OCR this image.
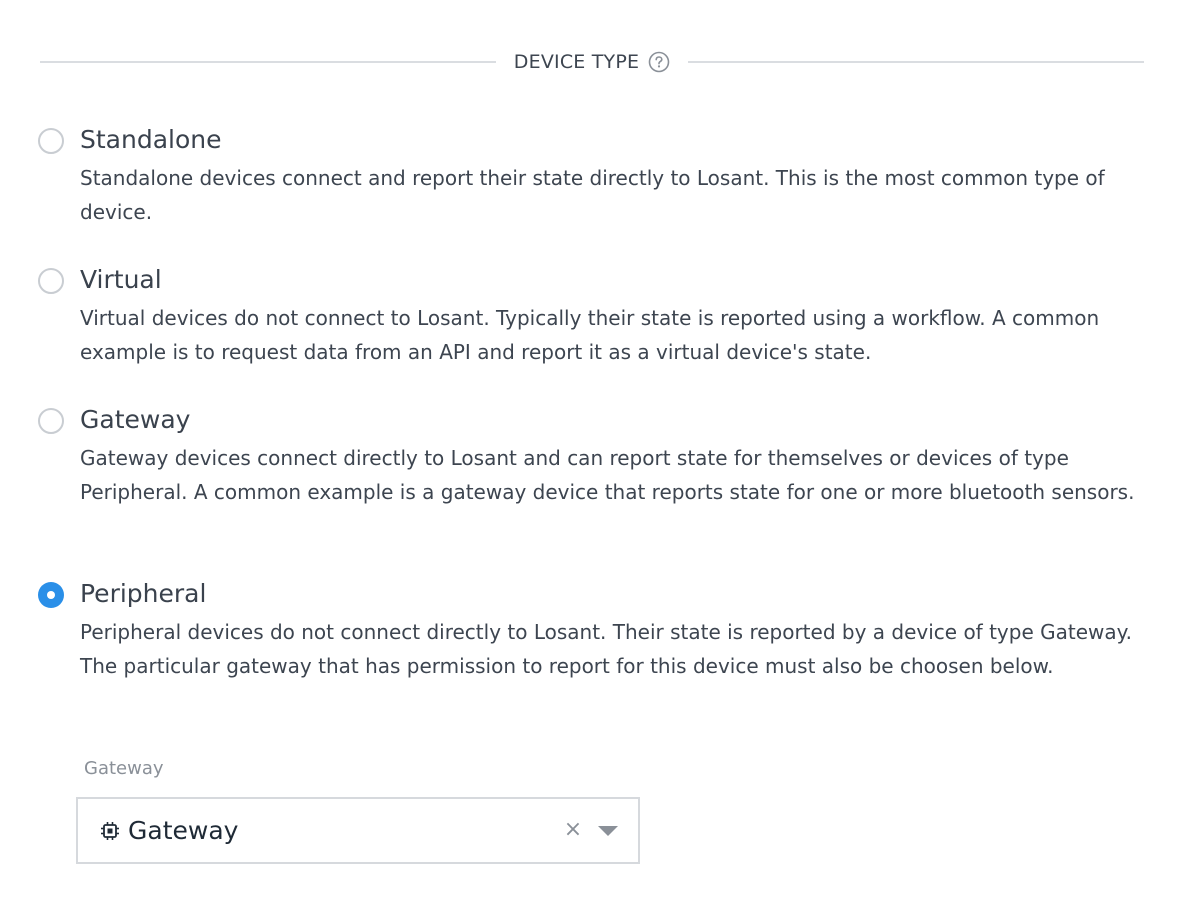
DEVICE TYPE
Standalone
Standalone devices connect and report their state directly to Losant. This is the most common type of device.
Virtual
Virtual devices do not connect to Losant. Typically their state is reported using a workflow. A common example is to request data from an API and report it as a virtual device's state.
Gateway
Gateway devices connect directly to Losant and can report state for themselves or devices of type Peripheral. A common example is a gateway device that reports state for one or more bluetooth sensors.
Peripheral
Peripheral devices do not connect directly to Losant. Their state is reported by a device of type Gateway. The particular gateway that has permission to report for this device must also be choosen below.
Gateway
Gateway	×
